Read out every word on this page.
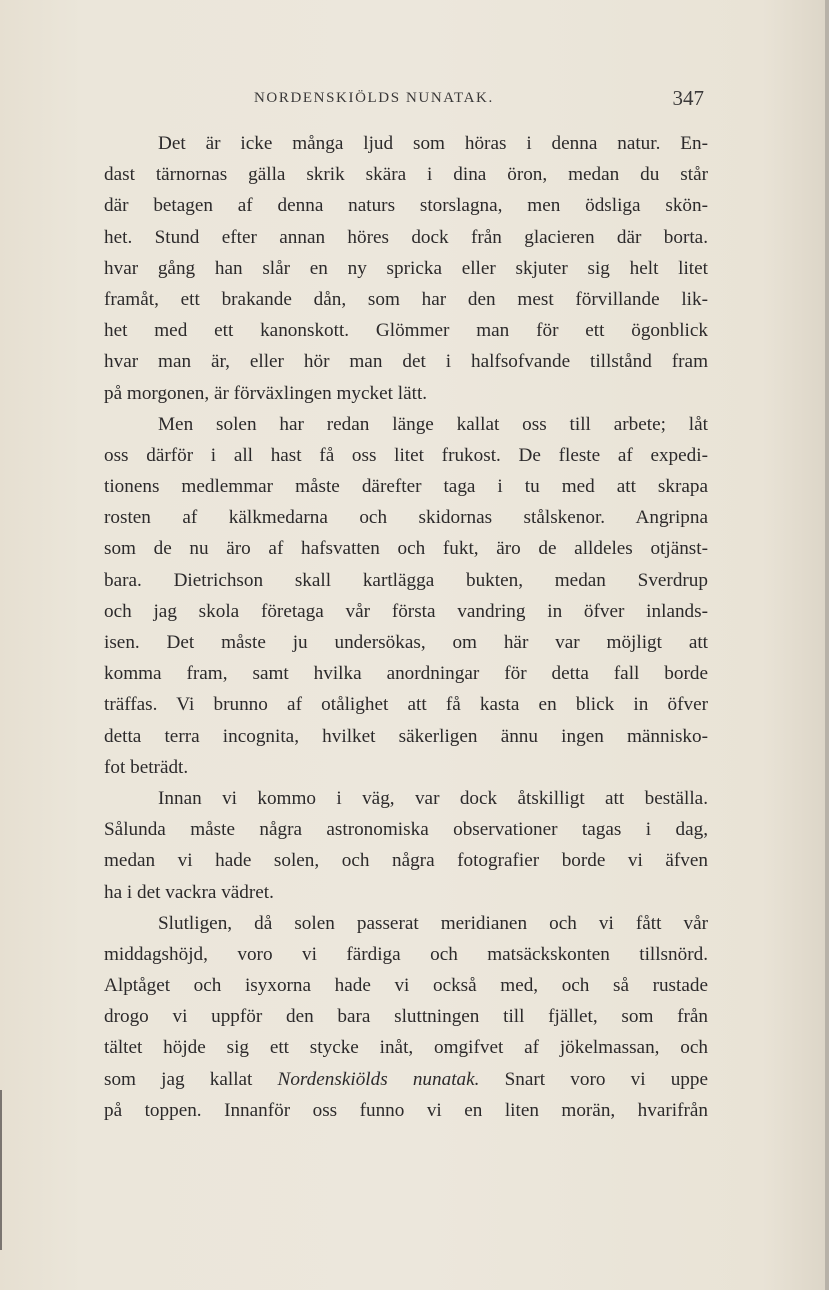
NORDENSKIÖLDS NUNATAK.	347
Det är icke många ljud som höras i denna natur. En-
dast tärnornas gälla skrik skära i dina öron, medan du står
där betagen af denna naturs storslagna, men ödsliga skön-
het. Stund efter annan höres dock från glacieren där borta.
hvar gång han slår en ny spricka eller skjuter sig helt litet
framåt, ett brakande dån, som har den mest förvillande lik-
het med ett kanonskott. Glömmer man för ett ögonblick
hvar man är, eller hör man det i halfsofvande tillstånd fram
på morgonen, är förväxlingen mycket lätt.
Men solen har redan länge kallat oss till arbete; låt
oss därför i all hast få oss litet frukost. De fleste af expedi-
tionens medlemmar måste därefter taga i tu med att skrapa
rosten af kälkmedarna och skidornas stålskenor. Angripna
som de nu äro af hafsvatten och fukt, äro de alldeles otjänst-
bara. Dietrichson skall kartlägga bukten, medan Sverdrup
och jag skola företaga vår första vandring in öfver inlands-
isen. Det måste ju undersökas, om här var möjligt att
komma fram, samt hvilka anordningar för detta fall borde
träffas. Vi brunno af otålighet att få kasta en blick in öfver
detta terra incognita, hvilket säkerligen ännu ingen människo-
fot beträdt.
Innan vi kommo i väg, var dock åtskilligt att beställa.
Sålunda måste några astronomiska observationer tagas i dag,
medan vi hade solen, och några fotografier borde vi äfven
ha i det vackra vädret.
Slutligen, då solen passerat meridianen och vi fått vår
middagshöjd, voro vi färdiga och matsäckskonten tillsnörd.
Alptåget och isyxorna hade vi också med, och så rustade
drogo vi uppför den bara sluttningen till fjället, som från
tältet höjde sig ett stycke inåt, omgifvet af jökelmassan, och
som jag kallat Nordenskiölds nunatak. Snart voro vi uppe
på toppen. Innanför oss funno vi en liten morän, hvarifrån
